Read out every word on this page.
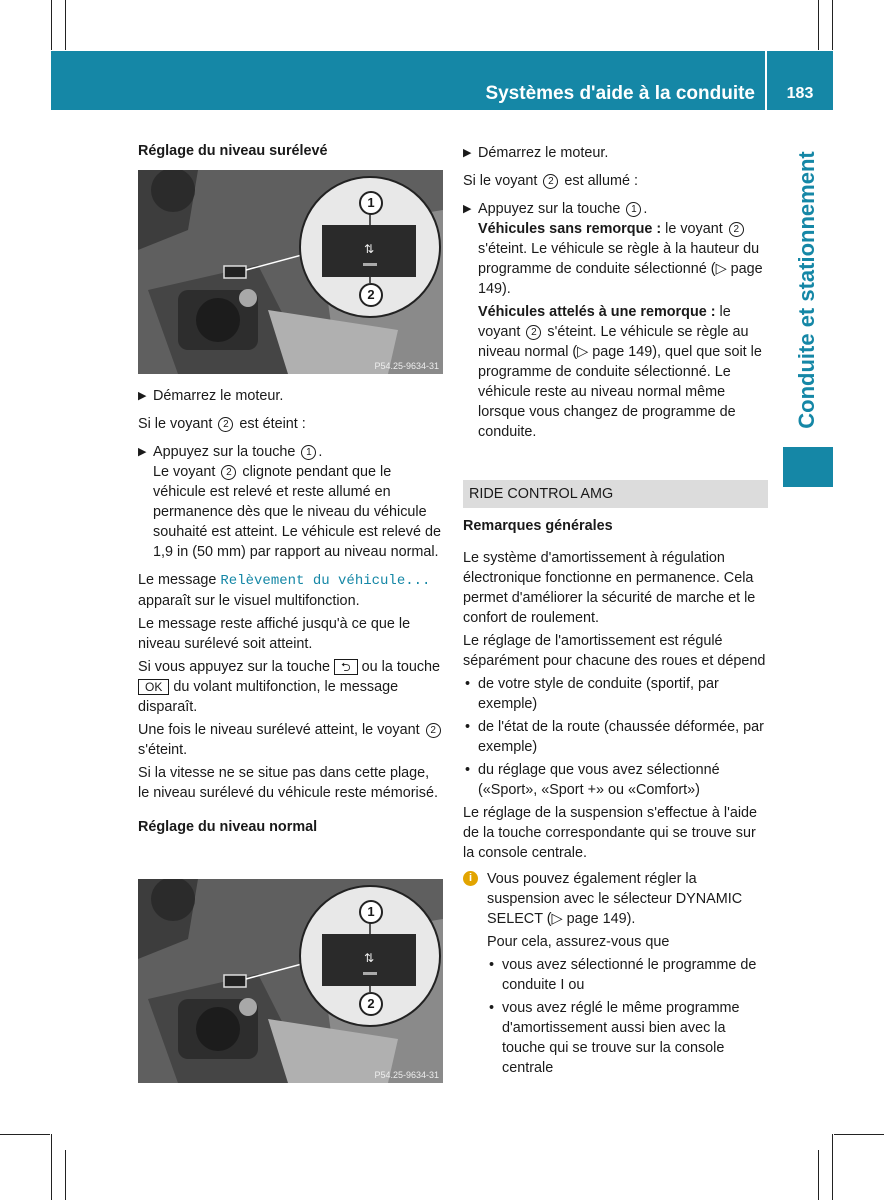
Systèmes d'aide à la conduite	183
Conduite et stationnement

Réglage du niveau surélevé

⇅
1
2
P54.25-9634-31

▶ Démarrez le moteur.

Si le voyant 2 est éteint :

▶ Appuyez sur la touche 1 .
Le voyant 2 clignote pendant que le véhicule est relevé et reste allumé en permanence dès que le niveau du véhicule souhaité est atteint. Le véhicule est relevé de 1,9 in (50 mm) par rapport au niveau normal.

Le message Relèvement du véhicule... apparaît sur le visuel multifonction.

Le message reste affiché jusqu'à ce que le niveau surélevé soit atteint.

Si vous appuyez sur la touche ⮌ ou la touche OK du volant multifonction, le message disparaît.

Une fois le niveau surélevé atteint, le voyant 2 s'éteint.

Si la vitesse ne se situe pas dans cette plage, le niveau surélevé du véhicule reste mémorisé.

Réglage du niveau normal

⇅
1
2
P54.25-9634-31

▶ Démarrez le moteur.

Si le voyant 2 est allumé :

▶ Appuyez sur la touche 1 .
Véhicules sans remorque : le voyant 2 s'éteint. Le véhicule se règle à la hauteur du programme de conduite sélectionné (▷ page 149).

Véhicules attelés à une remorque : le voyant 2 s'éteint. Le véhicule se règle au niveau normal (▷ page 149), quel que soit le programme de conduite sélectionné. Le véhicule reste au niveau normal même lorsque vous changez de programme de conduite.

RIDE CONTROL AMG

Remarques générales

Le système d'amortissement à régulation électronique fonctionne en permanence. Cela permet d'améliorer la sécurité de marche et le confort de roulement.

Le réglage de l'amortissement est régulé séparément pour chacune des roues et dépend

• de votre style de conduite (sportif, par exemple)

• de l'état de la route (chaussée déformée, par exemple)

• du réglage que vous avez sélectionné («Sport», «Sport +» ou «Comfort»)

Le réglage de la suspension s'effectue à l'aide de la touche correspondante qui se trouve sur la console centrale.

i	Vous pouvez également régler la suspension avec le sélecteur DYNAMIC SELECT (▷ page 149).

Pour cela, assurez-vous que

• vous avez sélectionné le programme de conduite I ou

• vous avez réglé le même programme d'amortissement aussi bien avec la touche qui se trouve sur la console centrale
